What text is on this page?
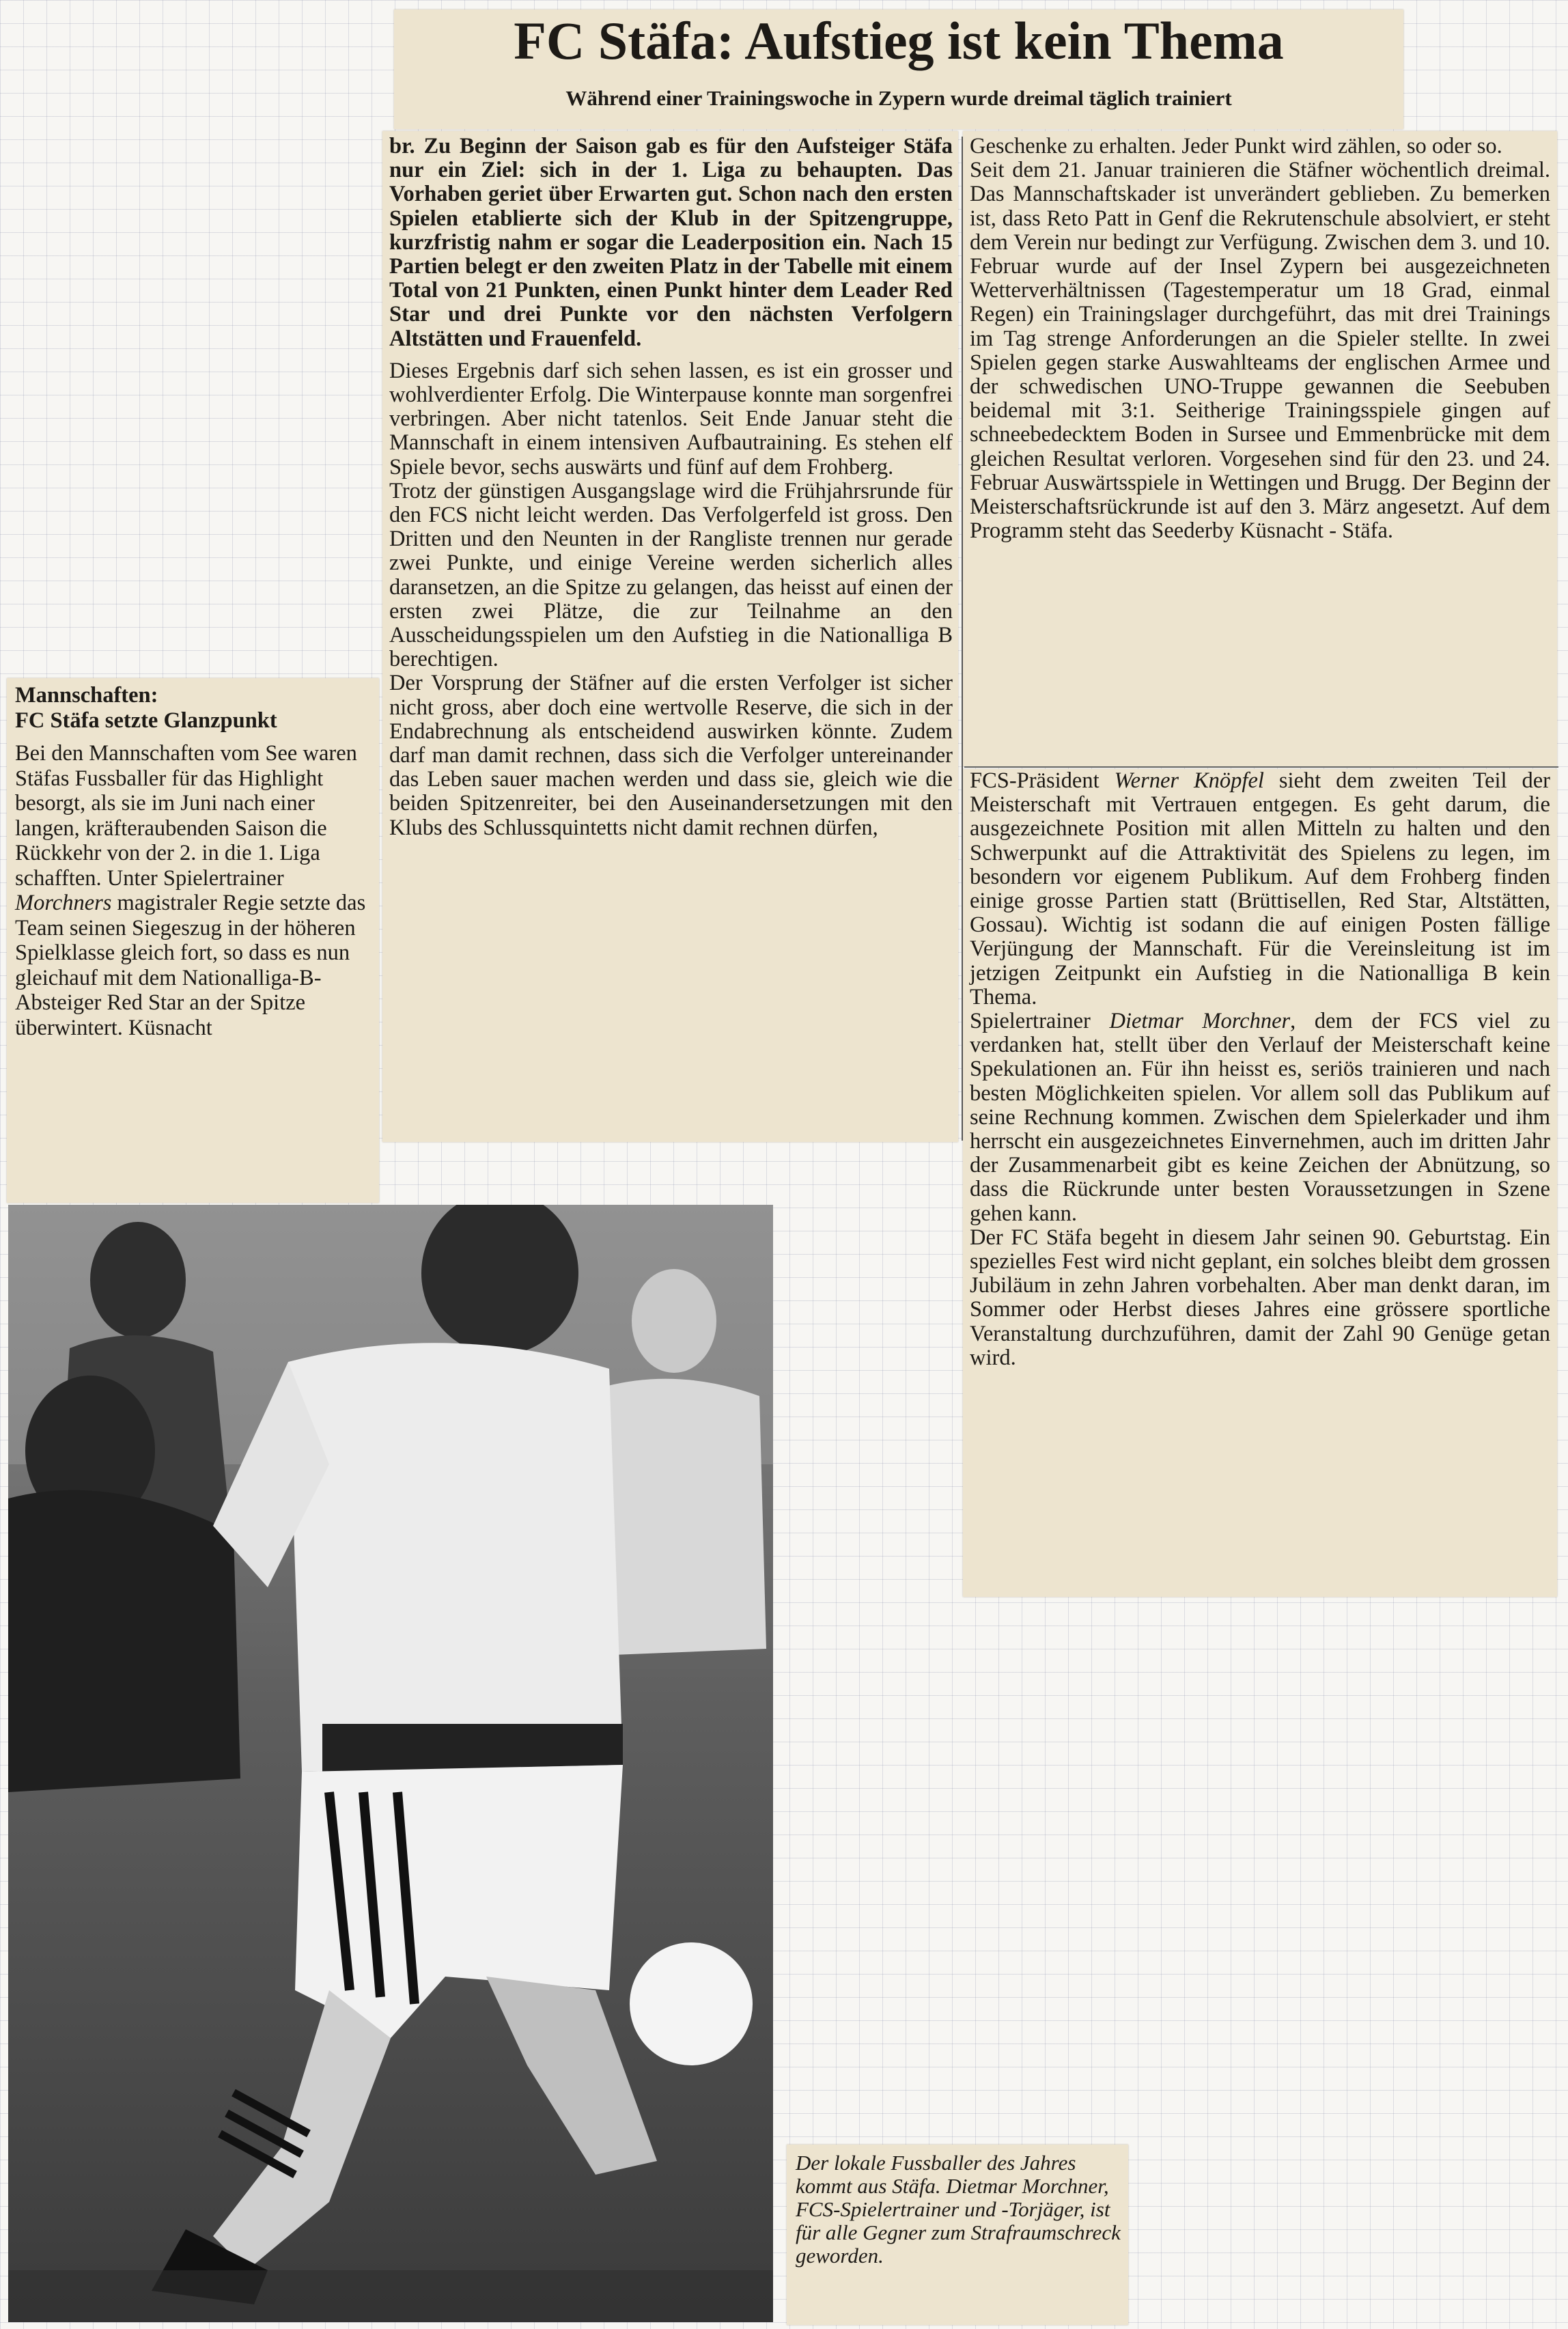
FC Stäfa: Aufstieg ist kein Thema
Während einer Trainingswoche in Zypern wurde dreimal täglich trainiert

br. Zu Beginn der Saison gab es für den Aufsteiger Stäfa nur ein Ziel: sich in der 1. Liga zu behaupten. Das Vorhaben geriet über Erwarten gut. Schon nach den ersten Spielen etablierte sich der Klub in der Spitzengruppe, kurzfristig nahm er sogar die Leaderposition ein. Nach 15 Partien belegt er den zweiten Platz in der Tabelle mit einem Total von 21 Punkten, einen Punkt hinter dem Leader Red Star und drei Punkte vor den nächsten Verfolgern Altstätten und Frauenfeld.

Dieses Ergebnis darf sich sehen lassen, es ist ein grosser und wohlverdienter Erfolg. Die Winterpause konnte man sorgenfrei verbringen. Aber nicht tatenlos. Seit Ende Januar steht die Mannschaft in einem intensiven Aufbautraining. Es stehen elf Spiele bevor, sechs auswärts und fünf auf dem Frohberg.

Trotz der günstigen Ausgangslage wird die Frühjahrsrunde für den FCS nicht leicht werden. Das Verfolgerfeld ist gross. Den Dritten und den Neunten in der Rangliste trennen nur gerade zwei Punkte, und einige Vereine werden sicherlich alles daransetzen, an die Spitze zu gelangen, das heisst auf einen der ersten zwei Plätze, die zur Teilnahme an den Ausscheidungsspielen um den Aufstieg in die Nationalliga B berechtigen.

Der Vorsprung der Stäfner auf die ersten Verfolger ist sicher nicht gross, aber doch eine wertvolle Reserve, die sich in der Endabrechnung als entscheidend auswirken könnte. Zudem darf man damit rechnen, dass sich die Verfolger untereinander das Leben sauer machen werden und dass sie, gleich wie die beiden Spitzenreiter, bei den Auseinandersetzungen mit den Klubs des Schlussquintetts nicht damit rechnen dürfen,

Geschenke zu erhalten. Jeder Punkt wird zählen, so oder so.

Seit dem 21. Januar trainieren die Stäfner wöchentlich dreimal. Das Mannschaftskader ist unverändert geblieben. Zu bemerken ist, dass Reto Patt in Genf die Rekrutenschule absolviert, er steht dem Verein nur bedingt zur Verfügung. Zwischen dem 3. und 10. Februar wurde auf der Insel Zypern bei ausgezeichneten Wetterverhältnissen (Tagestemperatur um 18 Grad, einmal Regen) ein Trainingslager durchgeführt, das mit drei Trainings im Tag strenge Anforderungen an die Spieler stellte. In zwei Spielen gegen starke Auswahlteams der englischen Armee und der schwedischen UNO-Truppe gewannen die Seebuben beidemal mit 3:1. Seitherige Trainingsspiele gingen auf schneebedecktem Boden in Sursee und Emmenbrücke mit dem gleichen Resultat verloren. Vorgesehen sind für den 23. und 24. Februar Auswärtsspiele in Wettingen und Brugg. Der Beginn der Meisterschaftsrückrunde ist auf den 3. März angesetzt. Auf dem Programm steht das Seederby Küsnacht - Stäfa.

FCS-Präsident Werner Knöpfel sieht dem zweiten Teil der Meisterschaft mit Vertrauen entgegen. Es geht darum, die ausgezeichnete Position mit allen Mitteln zu halten und den Schwerpunkt auf die Attraktivität des Spielens zu legen, im besondern vor eigenem Publikum. Auf dem Frohberg finden einige grosse Partien statt (Brüttisellen, Red Star, Altstätten, Gossau). Wichtig ist sodann die auf einigen Posten fällige Verjüngung der Mannschaft. Für die Vereinsleitung ist im jetzigen Zeitpunkt ein Aufstieg in die Nationalliga B kein Thema.

Spielertrainer Dietmar Morchner, dem der FCS viel zu verdanken hat, stellt über den Verlauf der Meisterschaft keine Spekulationen an. Für ihn heisst es, seriös trainieren und nach besten Möglichkeiten spielen. Vor allem soll das Publikum auf seine Rechnung kommen. Zwischen dem Spielerkader und ihm herrscht ein ausgezeichnetes Einvernehmen, auch im dritten Jahr der Zusammenarbeit gibt es keine Zeichen der Abnützung, so dass die Rückrunde unter besten Voraussetzungen in Szene gehen kann.

Der FC Stäfa begeht in diesem Jahr seinen 90. Geburtstag. Ein spezielles Fest wird nicht geplant, ein solches bleibt dem grossen Jubiläum in zehn Jahren vorbehalten. Aber man denkt daran, im Sommer oder Herbst dieses Jahres eine grössere sportliche Veranstaltung durchzuführen, damit der Zahl 90 Genüge getan wird.

Mannschaften:

FC Stäfa setzte Glanzpunkt

Bei den Mannschaften vom See waren Stäfas Fussballer für das Highlight besorgt, als sie im Juni nach einer langen, kräfteraubenden Saison die Rückkehr von der 2. in die 1. Liga schafften. Unter Spielertrainer Morchners magistraler Regie setzte das Team seinen Siegeszug in der höheren Spielklasse gleich fort, so dass es nun gleichauf mit dem Nationalliga-B-Absteiger Red Star an der Spitze überwintert. Küsnacht

Der lokale Fussballer des Jahres kommt aus Stäfa. Dietmar Morchner, FCS-Spielertrainer und -Torjäger, ist für alle Gegner zum Strafraumschreck geworden.
